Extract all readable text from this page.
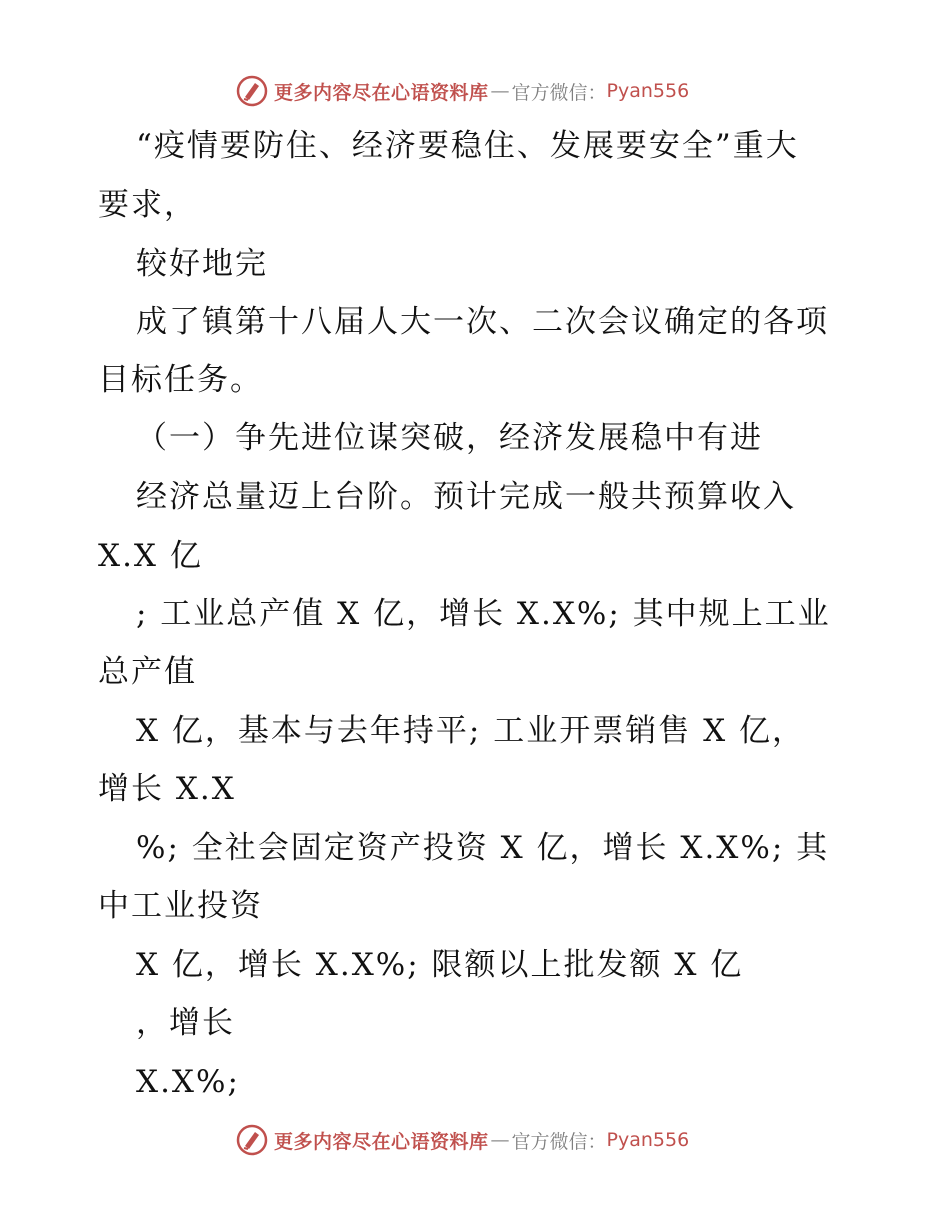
更多内容尽在心语资料库 — 官方微信： Pyan556
“疫情要防住、经济要稳住、发展要安全”重大
要求，
较好地完
成了镇第十八届人大一次、二次会议确定的各项
目标任务。
（一）争先进位谋突破，经济发展稳中有进
经济总量迈上台阶。预计完成一般共预算收入
X.X 亿
; 工业总产值 X 亿，增长 X.X%; 其中规上工业
总产值
X 亿，基本与去年持平; 工业开票销售 X 亿，
增长 X.X
%; 全社会固定资产投资 X 亿，增长 X.X%; 其
中工业投资
X 亿，增长 X.X%; 限额以上批发额 X 亿
，增长
X.X%;
更多内容尽在心语资料库 — 官方微信： Pyan556
